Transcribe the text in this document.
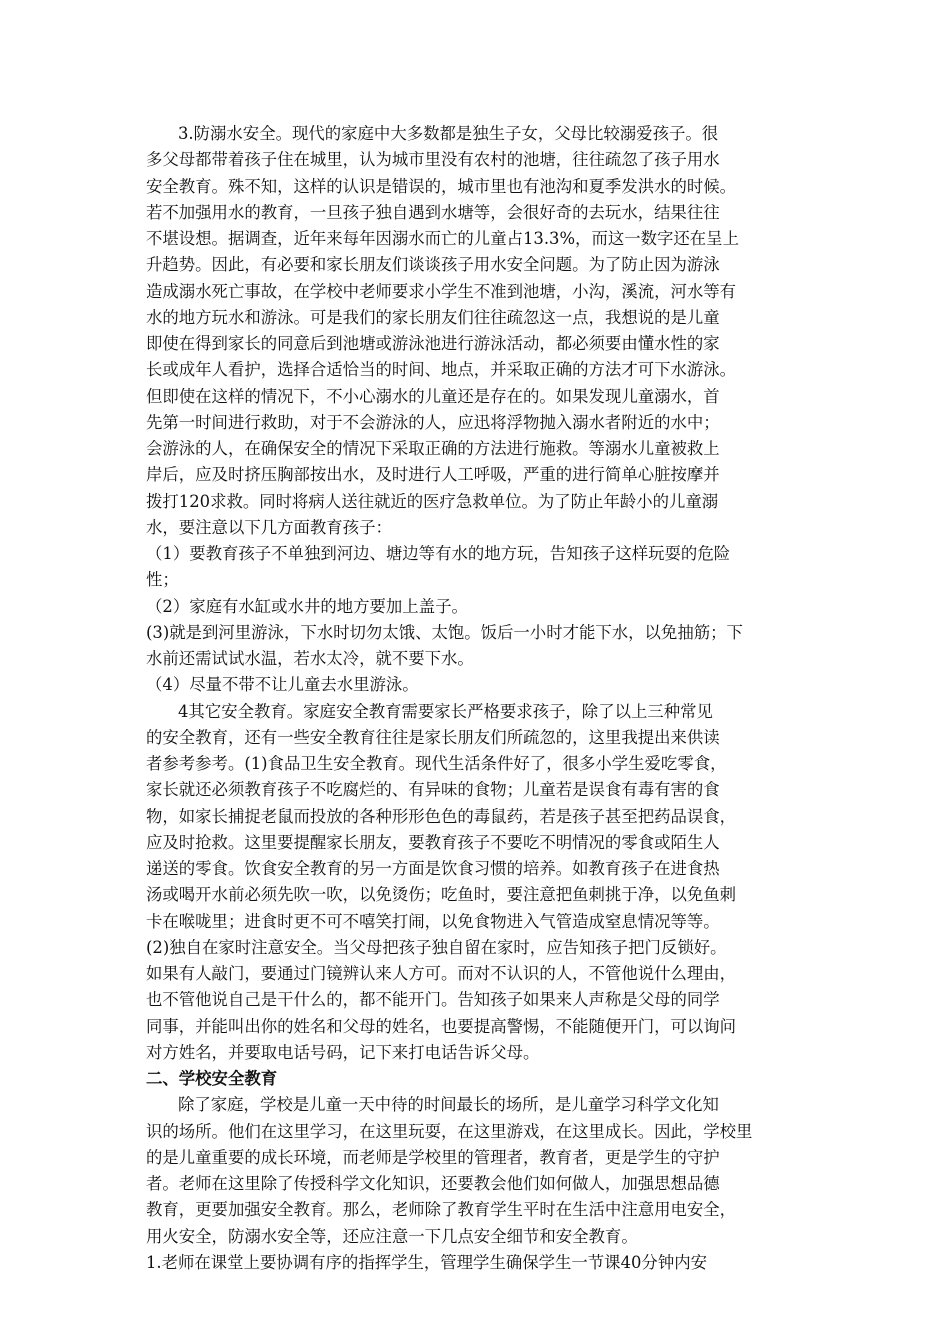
3.防溺水安全。现代的家庭中大多数都是独生子女，父母比较溺爱孩子。很
多父母都带着孩子住在城里，认为城市里没有农村的池塘，往往疏忽了孩子用水
安全教育。殊不知，这样的认识是错误的，城市里也有池沟和夏季发洪水的时候。
若不加强用水的教育，一旦孩子独自遇到水塘等，会很好奇的去玩水，结果往往
不堪设想。据调查，近年来每年因溺水而亡的儿童占13.3%，而这一数字还在呈上
升趋势。因此，有必要和家长朋友们谈谈孩子用水安全问题。为了防止因为游泳
造成溺水死亡事故，在学校中老师要求小学生不准到池塘，小沟，溪流，河水等有
水的地方玩水和游泳。可是我们的家长朋友们往往疏忽这一点，我想说的是儿童
即使在得到家长的同意后到池塘或游泳池进行游泳活动，都必须要由懂水性的家
长或成年人看护，选择合适恰当的时间、地点，并采取正确的方法才可下水游泳。
但即使在这样的情况下，不小心溺水的儿童还是存在的。如果发现儿童溺水，首
先第一时间进行救助，对于不会游泳的人，应迅将浮物抛入溺水者附近的水中；
会游泳的人，在确保安全的情况下采取正确的方法进行施救。等溺水儿童被救上
岸后，应及时挤压胸部按出水，及时进行人工呼吸，严重的进行简单心脏按摩并
拨打120求救。同时将病人送往就近的医疗急救单位。为了防止年龄小的儿童溺
水，要注意以下几方面教育孩子：
（1）要教育孩子不单独到河边、塘边等有水的地方玩，告知孩子这样玩耍的危险
性；
（2）家庭有水缸或水井的地方要加上盖子。
(3)就是到河里游泳，下水时切勿太饿、太饱。饭后一小时才能下水，以免抽筋；下
水前还需试试水温，若水太冷，就不要下水。
（4）尽量不带不让儿童去水里游泳。
4其它安全教育。家庭安全教育需要家长严格要求孩子，除了以上三种常见
的安全教育，还有一些安全教育往往是家长朋友们所疏忽的，这里我提出来供读
者参考参考。(1)食品卫生安全教育。现代生活条件好了，很多小学生爱吃零食，
家长就还必须教育孩子不吃腐烂的、有异味的食物；儿童若是误食有毒有害的食
物，如家长捕捉老鼠而投放的各种形形色色的毒鼠药，若是孩子甚至把药品误食，
应及时抢救。这里要提醒家长朋友，要教育孩子不要吃不明情况的零食或陌生人
递送的零食。饮食安全教育的另一方面是饮食习惯的培养。如教育孩子在进食热
汤或喝开水前必须先吹一吹，以免烫伤；吃鱼时，要注意把鱼刺挑于净，以免鱼刺
卡在喉咙里；进食时更不可不嘻笑打闹，以免食物进入气管造成窒息情况等等。
(2)独自在家时注意安全。当父母把孩子独自留在家时，应告知孩子把门反锁好。
如果有人敲门，要通过门镜辨认来人方可。而对不认识的人，不管他说什么理由，
也不管他说自己是干什么的，都不能开门。告知孩子如果来人声称是父母的同学
同事，并能叫出你的姓名和父母的姓名，也要提高警惕，不能随便开门，可以询问
对方姓名，并要取电话号码，记下来打电话告诉父母。
二、学校安全教育
除了家庭，学校是儿童一天中待的时间最长的场所，是儿童学习科学文化知
识的场所。他们在这里学习，在这里玩耍，在这里游戏，在这里成长。因此，学校里
的是儿童重要的成长环境，而老师是学校里的管理者，教育者，更是学生的守护
者。老师在这里除了传授科学文化知识，还要教会他们如何做人，加强思想品德
教育，更要加强安全教育。那么，老师除了教育学生平时在生活中注意用电安全，
用火安全，防溺水安全等，还应注意一下几点安全细节和安全教育。
1.老师在课堂上要协调有序的指挥学生，管理学生确保学生一节课40分钟内安
